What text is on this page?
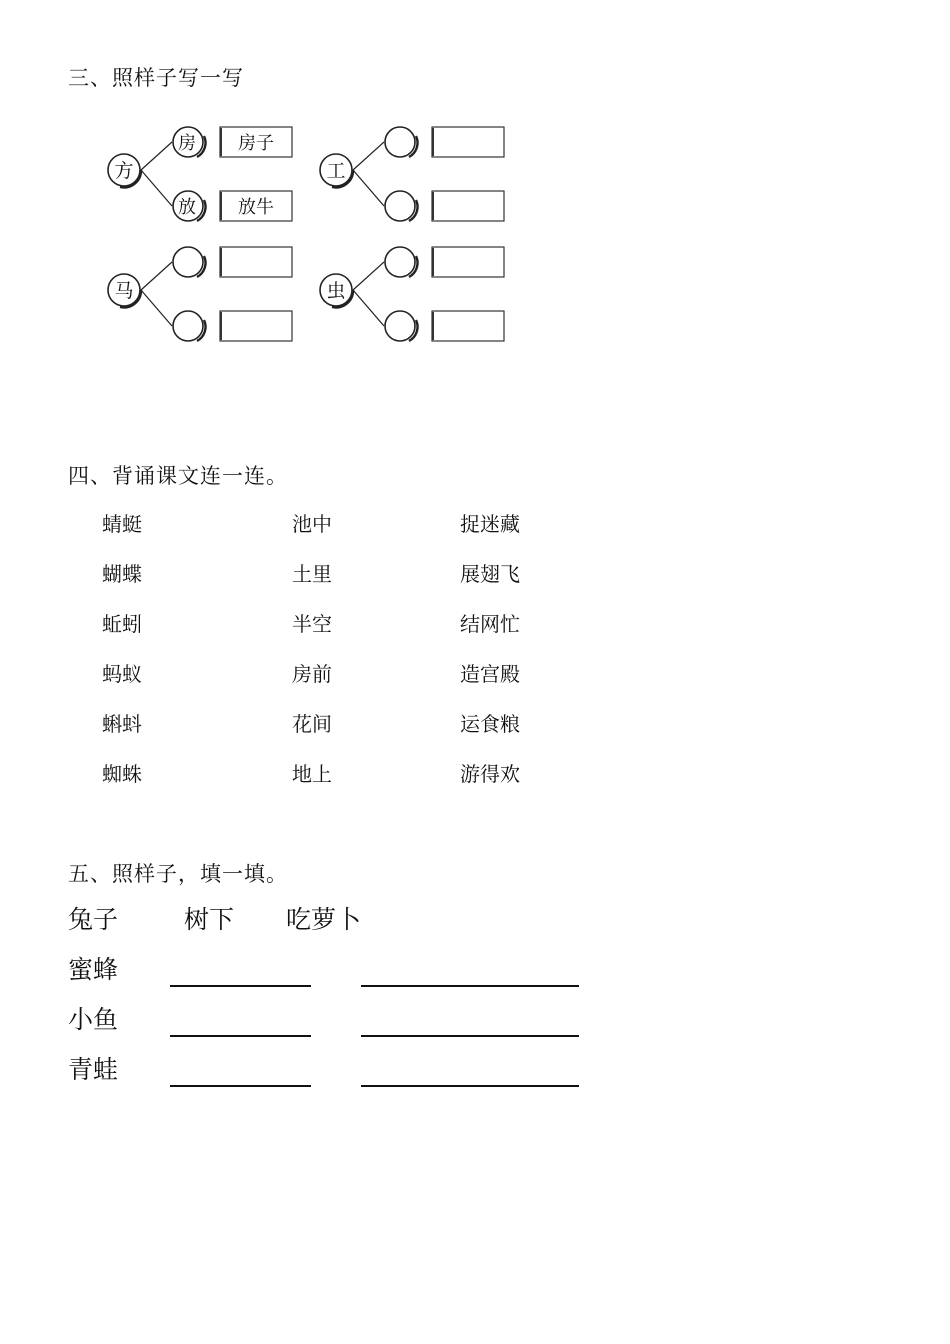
三、照样子写一写
方
房 房子
放 放牛
工
马	虫
四、背诵课文连一连。
蜻蜓
蝴蝶
蚯蚓
蚂蚁
蝌蚪
蜘蛛
池中
土里
半空
房前
花间
地上
捉迷藏
展翅飞
结网忙
造宫殿
运食粮
游得欢
五、照样子，填一填。
兔子	树下 吃萝卜
蜜蜂
小鱼
青蛙
